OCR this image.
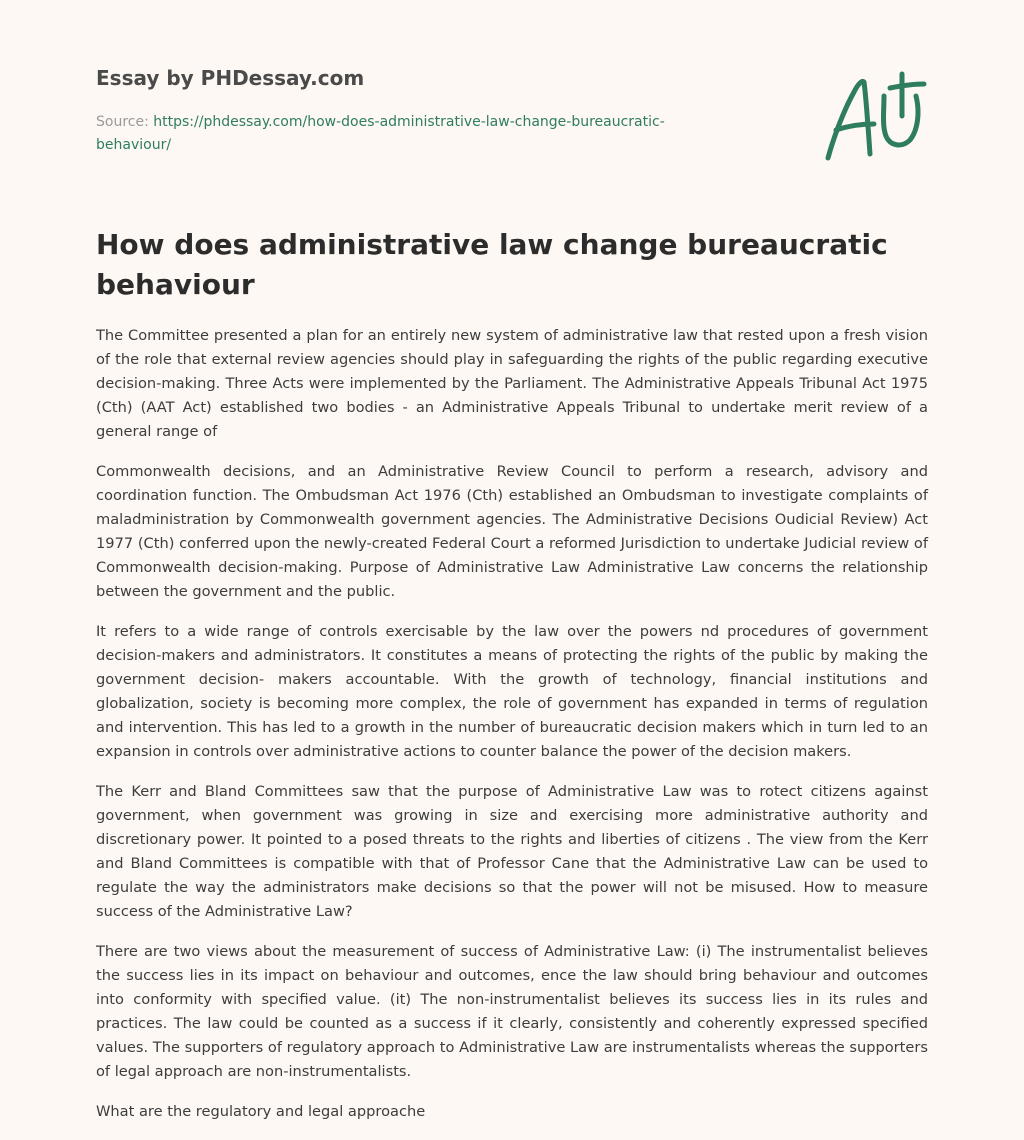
Essay by PHDessay.com
Source: https://phdessay.com/how-does-administrative-law-change-bureaucratic-
behaviour/
How does administrative law change bureaucratic behaviour

The Committee presented a plan for an entirely new system of administrative law that rested upon a fresh vision of the role that external review agencies should play in safeguarding the rights of the public regarding executive decision-making. Three Acts were implemented by the Parliament. The Administrative Appeals Tribunal Act 1975 (Cth) (AAT Act) established two bodies - an Administrative Appeals Tribunal to undertake merit review of a general range of

Commonwealth decisions, and an Administrative Review Council to perform a research, advisory and coordination function. The Ombudsman Act 1976 (Cth) established an Ombudsman to investigate complaints of maladministration by Commonwealth government agencies. The Administrative Decisions Oudicial Review) Act 1977 (Cth) conferred upon the newly-created Federal Court a reformed Jurisdiction to undertake Judicial review of Commonwealth decision-making. Purpose of Administrative Law Administrative Law concerns the relationship between the government and the public.

It refers to a wide range of controls exercisable by the law over the powers nd procedures of government decision-makers and administrators. It constitutes a means of protecting the rights of the public by making the government decision- makers accountable. With the growth of technology, financial institutions and globalization, society is becoming more complex, the role of government has expanded in terms of regulation and intervention. This has led to a growth in the number of bureaucratic decision makers which in turn led to an expansion in controls over administrative actions to counter balance the power of the decision makers.

The Kerr and Bland Committees saw that the purpose of Administrative Law was to rotect citizens against government, when government was growing in size and exercising more administrative authority and discretionary power. It pointed to a posed threats to the rights and liberties of citizens . The view from the Kerr and Bland Committees is compatible with that of Professor Cane that the Administrative Law can be used to regulate the way the administrators make decisions so that the power will not be misused. How to measure success of the Administrative Law?

There are two views about the measurement of success of Administrative Law: (i) The instrumentalist believes the success lies in its impact on behaviour and outcomes, ence the law should bring behaviour and outcomes into conformity with specified value. (it) The non-instrumentalist believes its success lies in its rules and practices. The law could be counted as a success if it clearly, consistently and coherently expressed specified values. The supporters of regulatory approach to Administrative Law are instrumentalists whereas the supporters of legal approach are non-instrumentalists.

What are the regulatory and legal approache
